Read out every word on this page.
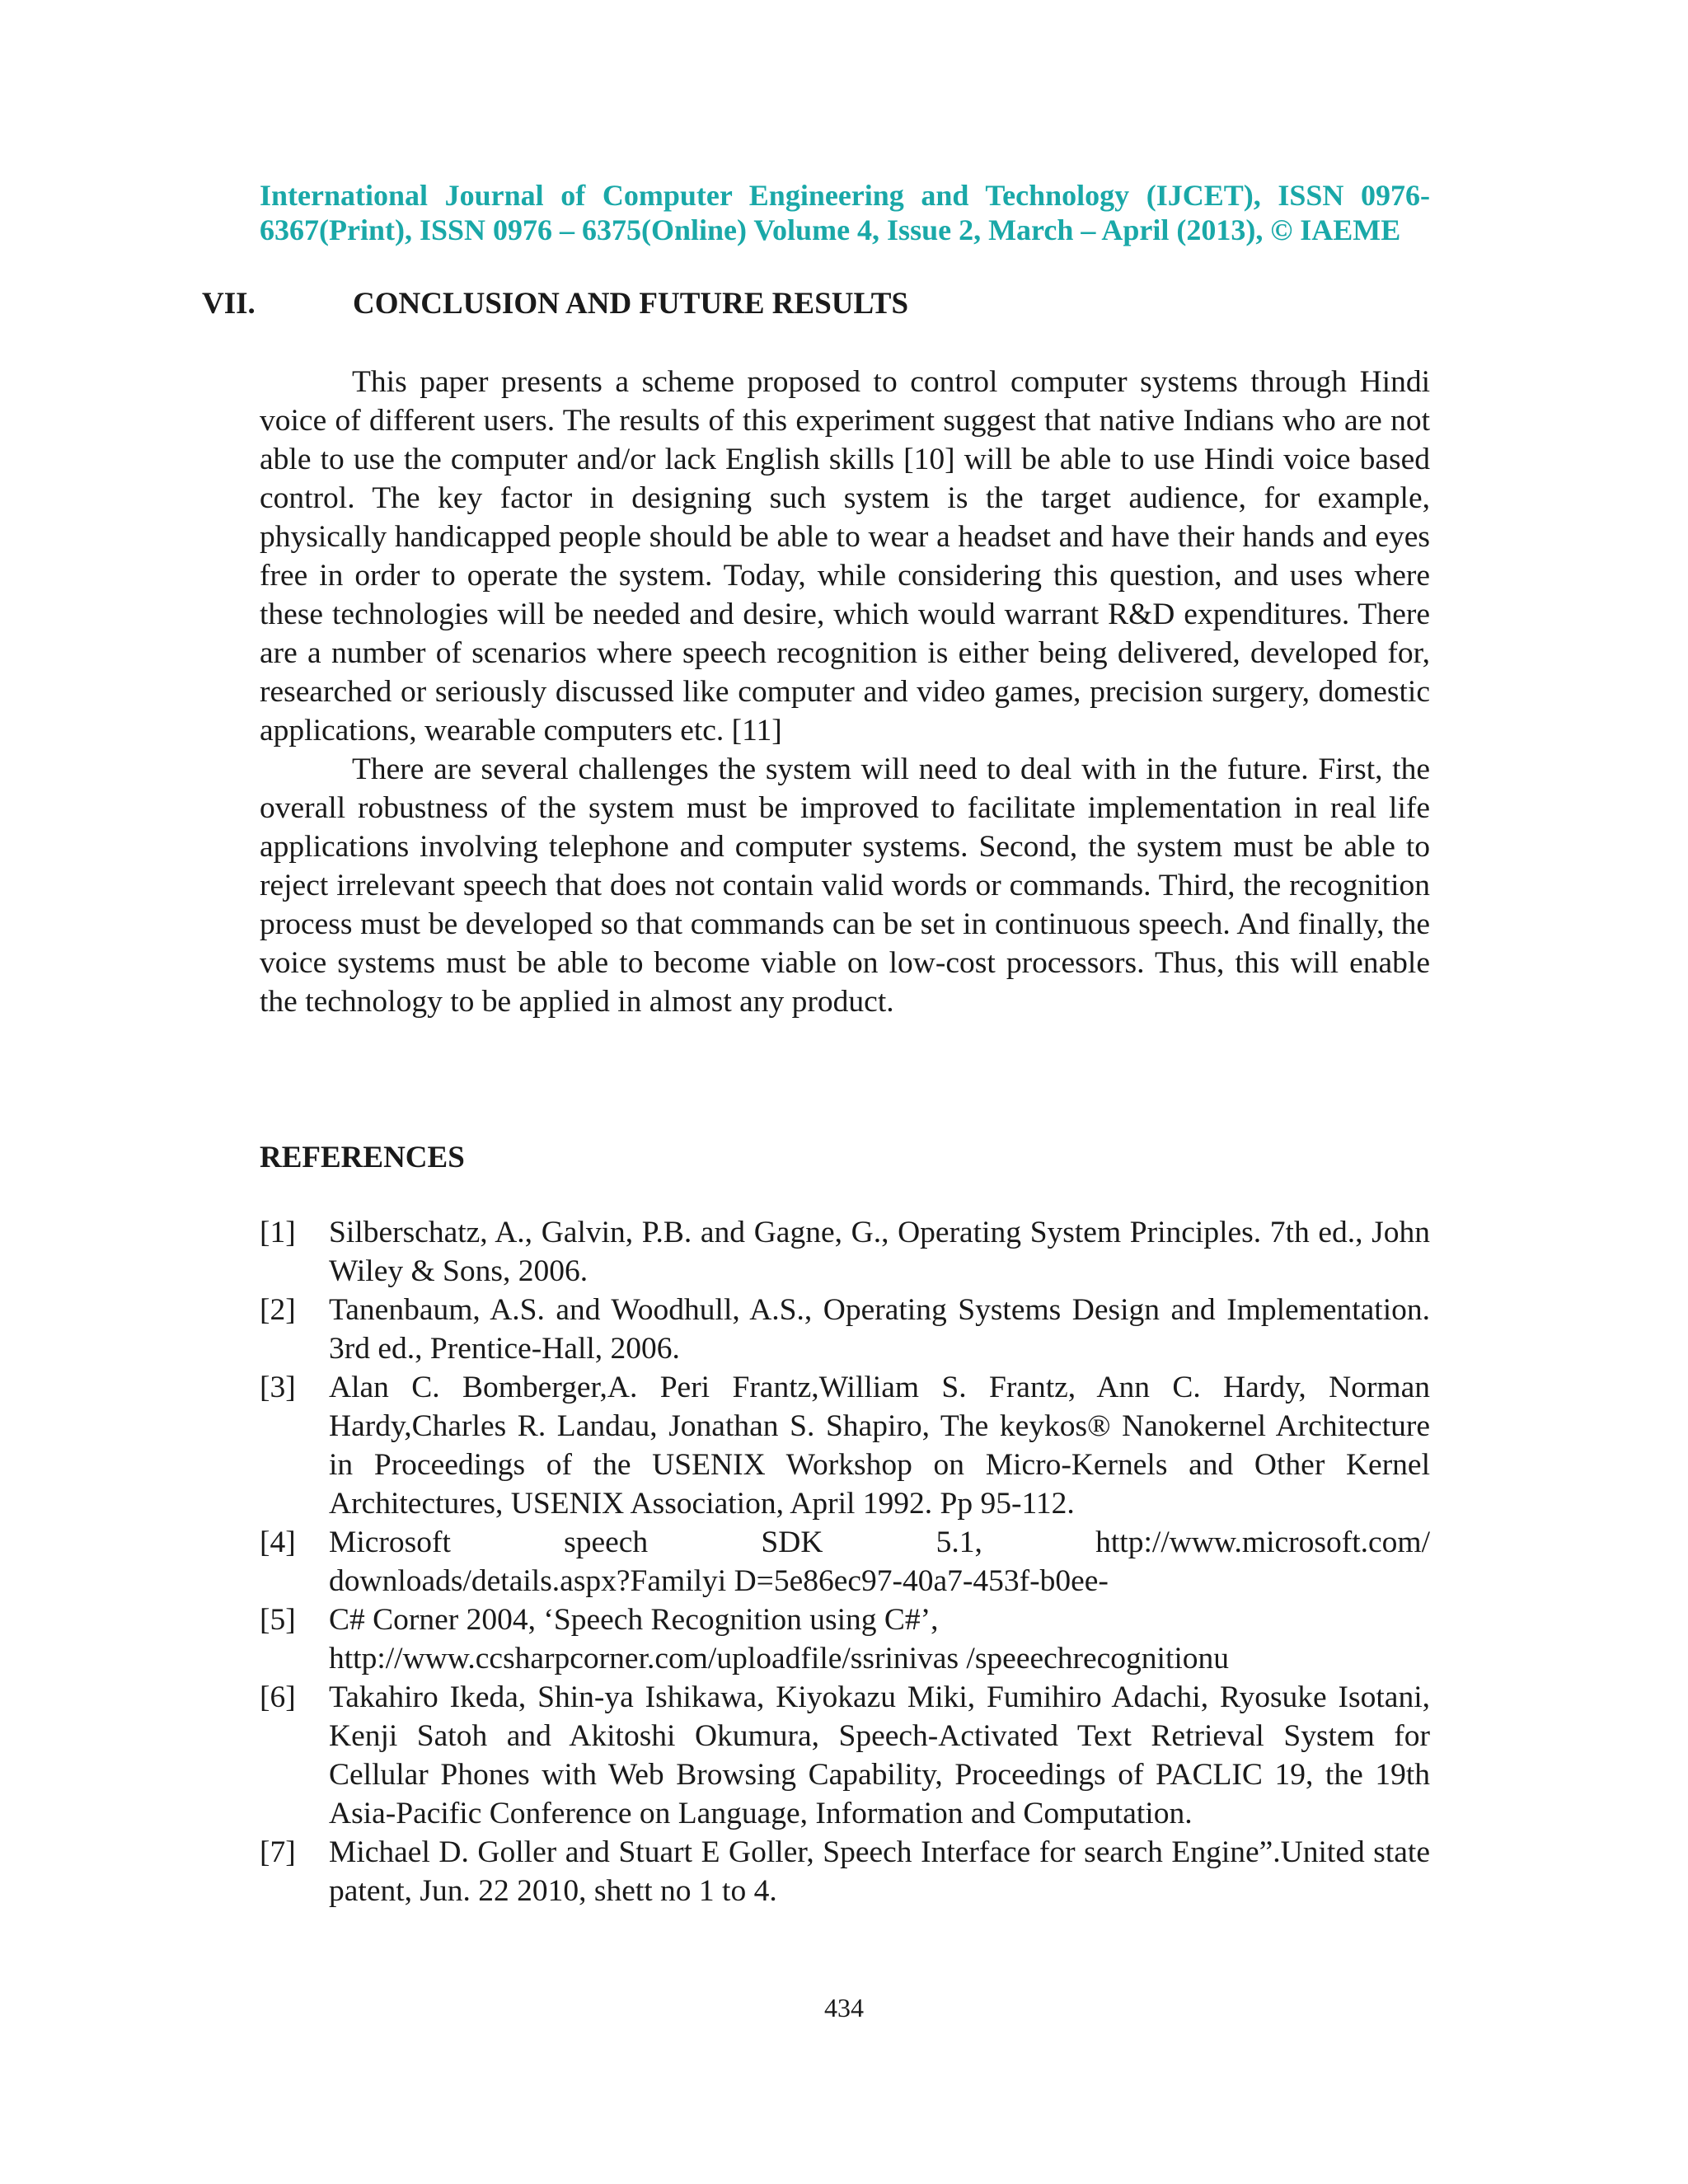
International Journal of Computer Engineering and Technology (IJCET), ISSN 0976-
6367(Print), ISSN 0976 – 6375(Online) Volume 4, Issue 2, March – April (2013), © IAEME
VII.	CONCLUSION AND FUTURE RESULTS

This paper presents a scheme proposed to control computer systems through Hindi voice of different users. The results of this experiment suggest that native Indians who are not able to use the computer and/or lack English skills [10] will be able to use Hindi voice based control. The key factor in designing such system is the target audience, for example, physically handicapped people should be able to wear a headset and have their hands and eyes free in order to operate the system. Today, while considering this question, and uses where these technologies will be needed and desire, which would warrant R&D expenditures. There are a number of scenarios where speech recognition is either being delivered, developed for, researched or seriously discussed like computer and video games, precision surgery, domestic applications, wearable computers etc. [11]

There are several challenges the system will need to deal with in the future. First, the overall robustness of the system must be improved to facilitate implementation in real life applications involving telephone and computer systems. Second, the system must be able to reject irrelevant speech that does not contain valid words or commands. Third, the recognition process must be developed so that commands can be set in continuous speech. And finally, the voice systems must be able to become viable on low-cost processors. Thus, this will enable the technology to be applied in almost any product.

REFERENCES
[1]	Silberschatz, A., Galvin, P.B. and Gagne, G., Operating System Principles. 7th ed., John Wiley & Sons, 2006.
[2]	Tanenbaum, A.S. and Woodhull, A.S., Operating Systems Design and Implementation. 3rd ed., Prentice-Hall, 2006.
[3]	Alan C. Bomberger,A. Peri Frantz,William S. Frantz, Ann C. Hardy, Norman Hardy,Charles R. Landau, Jonathan S. Shapiro, The keykos® Nanokernel Architecture in Proceedings of the USENIX Workshop on Micro-Kernels and Other Kernel Architectures, USENIX Association, April 1992. Pp 95-112.
[4]	Microsoft speech SDK 5.1, http://www.microsoft.com/
downloads/details.aspx?Familyi D=5e86ec97-40a7-453f-b0ee-
[5]	C# Corner 2004, ‘Speech Recognition using C#’,
http://www.ccsharpcorner.com/uploadfile/ssrinivas /speeechrecognitionu
[6]	Takahiro Ikeda, Shin-ya Ishikawa, Kiyokazu Miki, Fumihiro Adachi, Ryosuke Isotani, Kenji Satoh and Akitoshi Okumura, Speech-Activated Text Retrieval System for Cellular Phones with Web Browsing Capability, Proceedings of PACLIC 19, the 19th Asia-Pacific Conference on Language, Information and Computation.
[7]	Michael D. Goller and Stuart E Goller, Speech Interface for search Engine”.United state patent, Jun. 22 2010, shett no 1 to 4.
434
